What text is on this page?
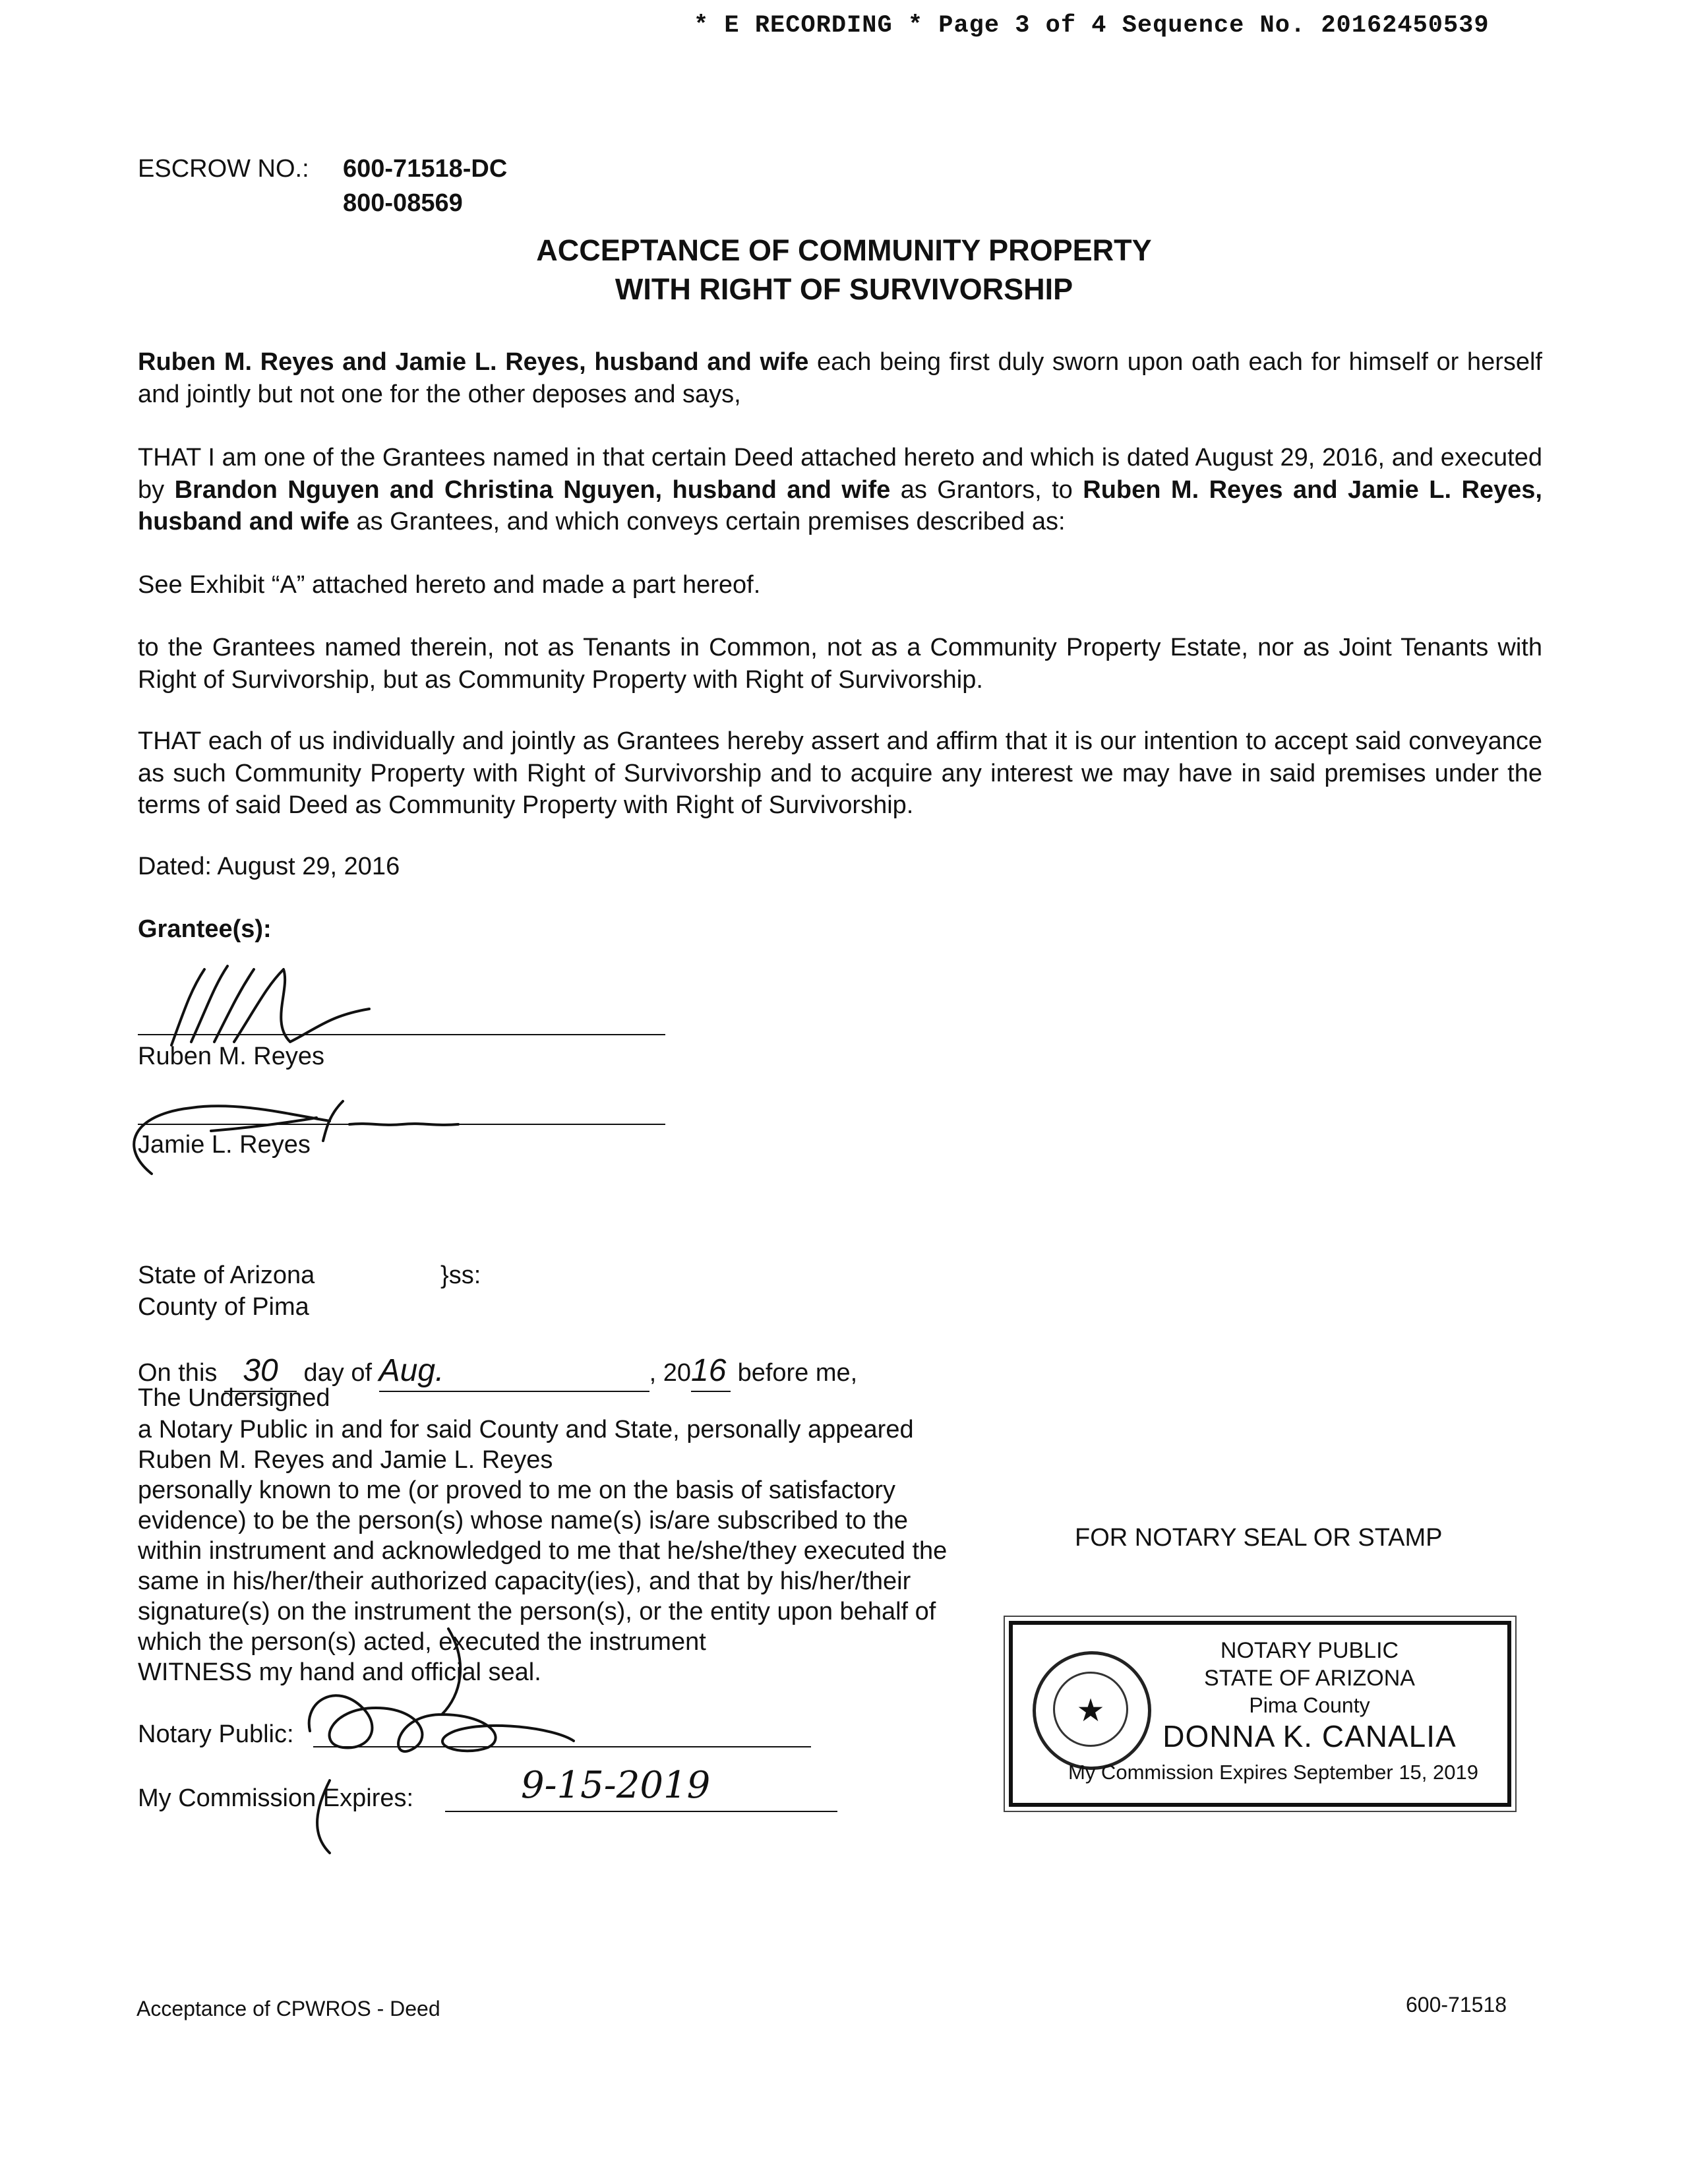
* E RECORDING * Page 3 of 4 Sequence No. 20162450539
ESCROW NO.: 600-71518-DC
800-08569
ACCEPTANCE OF COMMUNITY PROPERTY
WITH RIGHT OF SURVIVORSHIP
Ruben M. Reyes and Jamie L. Reyes, husband and wife each being first duly sworn upon oath each for himself or herself and jointly but not one for the other deposes and says,
THAT I am one of the Grantees named in that certain Deed attached hereto and which is dated August 29, 2016, and executed by Brandon Nguyen and Christina Nguyen, husband and wife as Grantors, to Ruben M. Reyes and Jamie L. Reyes, husband and wife as Grantees, and which conveys certain premises described as:
See Exhibit “A” attached hereto and made a part hereof.
to the Grantees named therein, not as Tenants in Common, not as a Community Property Estate, nor as Joint Tenants with Right of Survivorship, but as Community Property with Right of Survivorship.
THAT each of us individually and jointly as Grantees hereby assert and affirm that it is our intention to accept said conveyance as such Community Property with Right of Survivorship and to acquire any interest we may have in said premises under the terms of said Deed as Community Property with Right of Survivorship.
Dated: August 29, 2016
Grantee(s):
Ruben M. Reyes
Jamie L. Reyes
State of Arizona	}ss:
County of Pima
On this 30 day of Aug.	, 2016 before me,
The Undersigned
a Notary Public in and for said County and State, personally appeared
Ruben M. Reyes and Jamie L. Reyes
personally known to me (or proved to me on the basis of satisfactory
evidence) to be the person(s) whose name(s) is/are subscribed to the
within instrument and acknowledged to me that he/she/they executed the
same in his/her/their authorized capacity(ies), and that by his/her/their
signature(s) on the instrument the person(s), or the entity upon behalf of
which the person(s) acted, executed the instrument
WITNESS my hand and official seal.
Notary Public:
My Commission Expires:	9-15-2019
FOR NOTARY SEAL OR STAMP
★
NOTARY PUBLIC
STATE OF ARIZONA
Pima County
DONNA K. CANALIA
My Commission Expires September 15, 2019
Acceptance of CPWROS - Deed	600-71518
